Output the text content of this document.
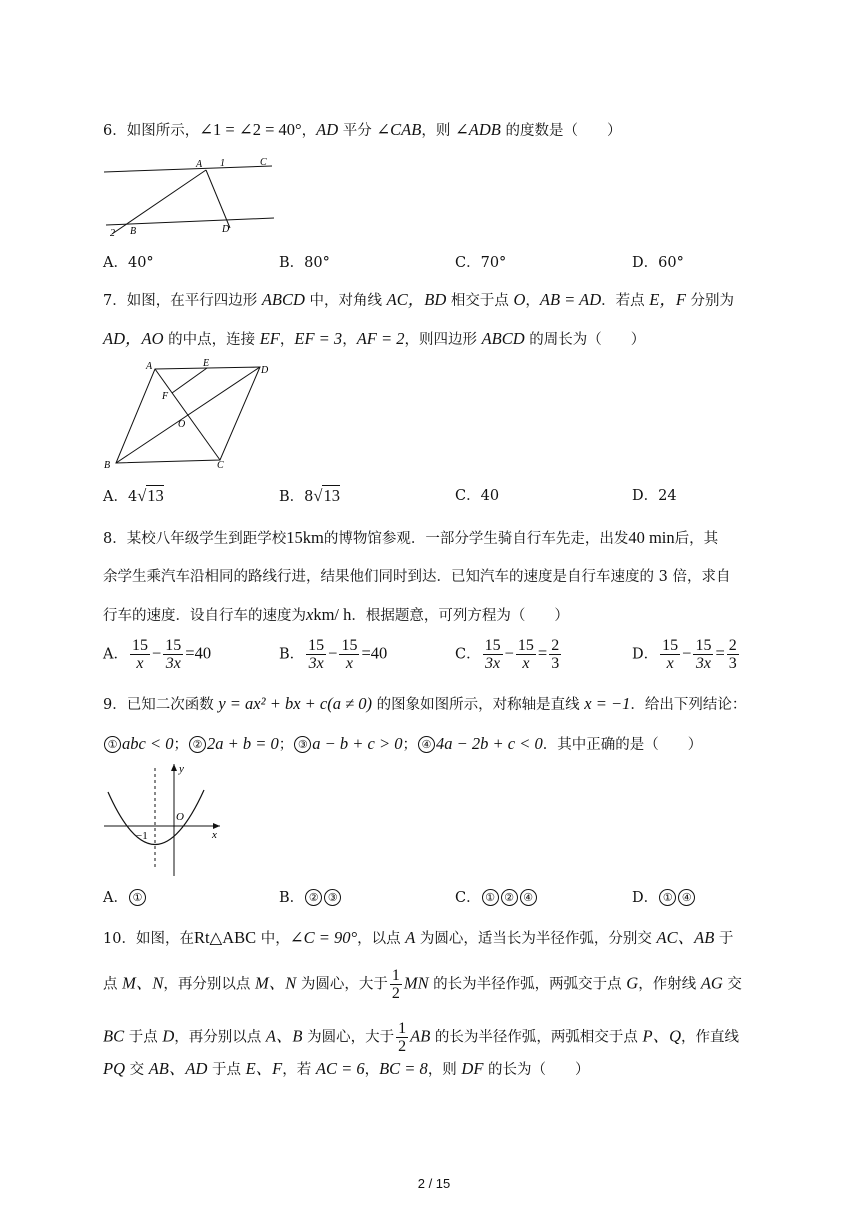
6．如图所示，∠1 = ∠2 = 40°，AD 平分 ∠CAB，则 ∠ADB 的度数是（　　）
A 1	C
2 B	D
A．40°	B．80°	C．70°	D．60°
7．如图，在平行四边形 ABCD 中，对角线 AC，BD 相交于点 O，AB = AD．若点 E，F 分别为
AD，AO 的中点，连接 EF，EF = 3，AF = 2，则四边形 ABCD 的周长为（　　）
A	E
D
F
O
B	C
A．4√13	B．8√13	C．40	D．24
8．某校八年级学生到距学校15km的博物馆参观．一部分学生骑自行车先走，出发40 min后，其
余学生乘汽车沿相同的路线行进，结果他们同时到达．已知汽车的速度是自行车速度的 3 倍，求自
行车的速度．设自行车的速度为xkm/ h．根据题意，可列方程为（　　）
A． $\frac{15}{x} - \frac{15}{3x} =40$	B． $\frac{15}{3x} - \frac{15}{x} =40$	C． $\frac{15}{3x} - \frac{15}{x} = \frac{2}{3}$	D． $\frac{15}{x} - \frac{15}{3x} = \frac{2}{3}$
9．已知二次函数 y = ax² + bx + c(a ≠ 0) 的图象如图所示，对称轴是直线 x = −1．给出下列结论：
① abc < 0； ② 2a + b = 0； ③ a − b + c > 0； ④ 4a − 2b + c < 0．其中正确的是（　　）
y
x
O
−1
A． ①	B． ② ③	C． ① ② ④	D． ① ④
10．如图，在Rt△ABC 中，∠C = 90°，以点 A 为圆心，适当长为半径作弧，分别交 AC、AB 于
点 M、N，再分别以点 M、N 为圆心，大于 $\frac{1}{2}$ MN 的长为半径作弧，两弧交于点 G，作射线 AG 交
BC 于点 D，再分别以点 A、B 为圆心，大于 $\frac{1}{2}$ AB 的长为半径作弧，两弧相交于点 P、Q，作直线
PQ 交 AB、AD 于点 E、F，若 AC = 6，BC = 8，则 DF 的长为（　　）
2 / 15
